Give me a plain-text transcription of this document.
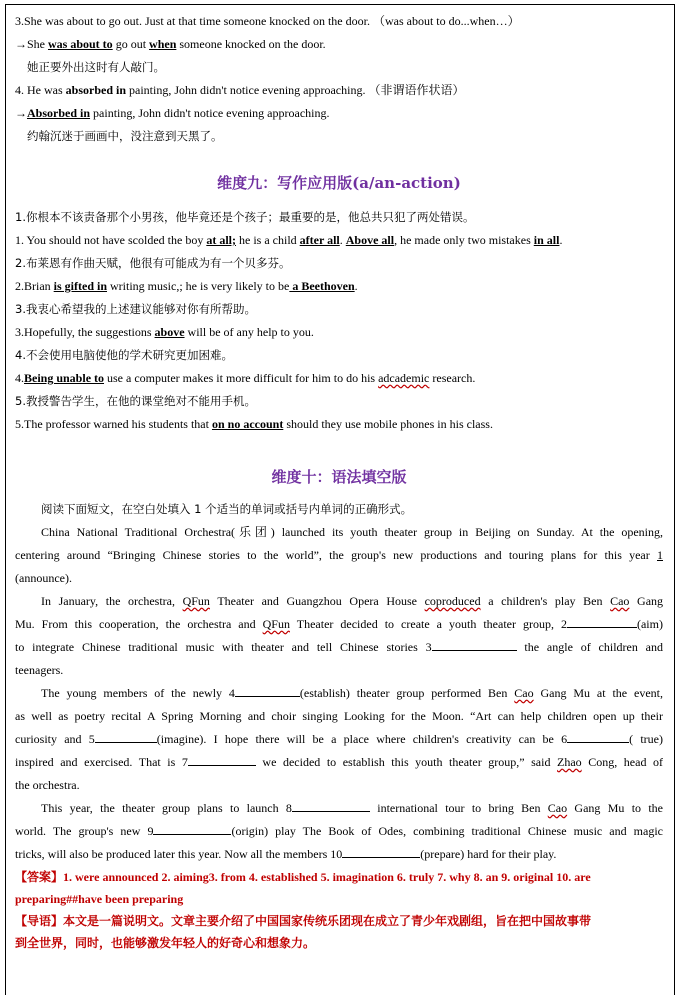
3.She was about to go out. Just at that time someone knocked on the door. （was about to do...when…）
→She was about to go out when someone knocked on the door.
她正要外出这时有人敲门。
4. He was absorbed in painting, John didn't notice evening approaching. （非谓语作状语）
→Absorbed in painting, John didn't notice evening approaching.
约翰沉迷于画画中，没注意到天黑了。
维度九：写作应用版(a/an-action)
1.你根本不该责备那个小男孩，他毕竟还是个孩子；最重要的是，他总共只犯了两处错误。
1. You should not have scolded the boy at all; he is a child after all. Above all, he made only two mistakes in all.
2.布莱恩有作曲天赋，他很有可能成为有一个贝多芬。
2.Brian is gifted in writing music,; he is very likely to be a Beethoven.
3.我衷心希望我的上述建议能够对你有所帮助。
3.Hopefully, the suggestions above will be of any help to you.
4.不会使用电脑使他的学术研究更加困难。
4.Being unable to use a computer makes it more difficult for him to do his adcademic research.
5.教授警告学生，在他的课堂绝对不能用手机。
5.The professor warned his students that on no account should they use mobile phones in his class.
维度十：语法填空版
阅读下面短文，在空白处填入 1 个适当的单词或括号内单词的正确形式。
China National Traditional Orchestra(乐团) launched its youth theater group in Beijing on Sunday. At the opening,
centering around “Bringing Chinese stories to the world”, the group's new productions and touring plans for this year 1
(announce).
In January, the orchestra, QFun Theater and Guangzhou Opera House coproduced a children's play Ben Cao Gang
Mu. From this cooperation, the orchestra and QFun Theater decided to create a youth theater group, 2	(aim)
to integrate Chinese traditional music with theater and tell Chinese stories 3	the angle of children and
teenagers.
The young members of the newly 4	(establish) theater group performed Ben Cao Gang Mu at the event,
as well as poetry recital A Spring Morning and choir singing Looking for the Moon. “Art can help children open up their
curiosity and 5	(imagine). I hope there will be a place where children's creativity can be 6	( true)
inspired and exercised. That is 7	we decided to establish this youth theater group,” said Zhao Cong, head of
the orchestra.
This year, the theater group plans to launch 8	international tour to bring Ben Cao Gang Mu to the
world. The group's new 9	(origin) play The Book of Odes, combining traditional Chinese music and magic
tricks, will also be produced later this year. Now all the members 10	(prepare) hard for their play.
【答案】1. were announced 2. aiming3. from 4. established 5. imagination 6. truly 7. why 8. an 9. original 10. are
preparing##have been preparing
【导语】本文是一篇说明文。文章主要介绍了中国国家传统乐团现在成立了青少年戏剧组，旨在把中国故事带
到全世界，同时，也能够激发年轻人的好奇心和想象力。
